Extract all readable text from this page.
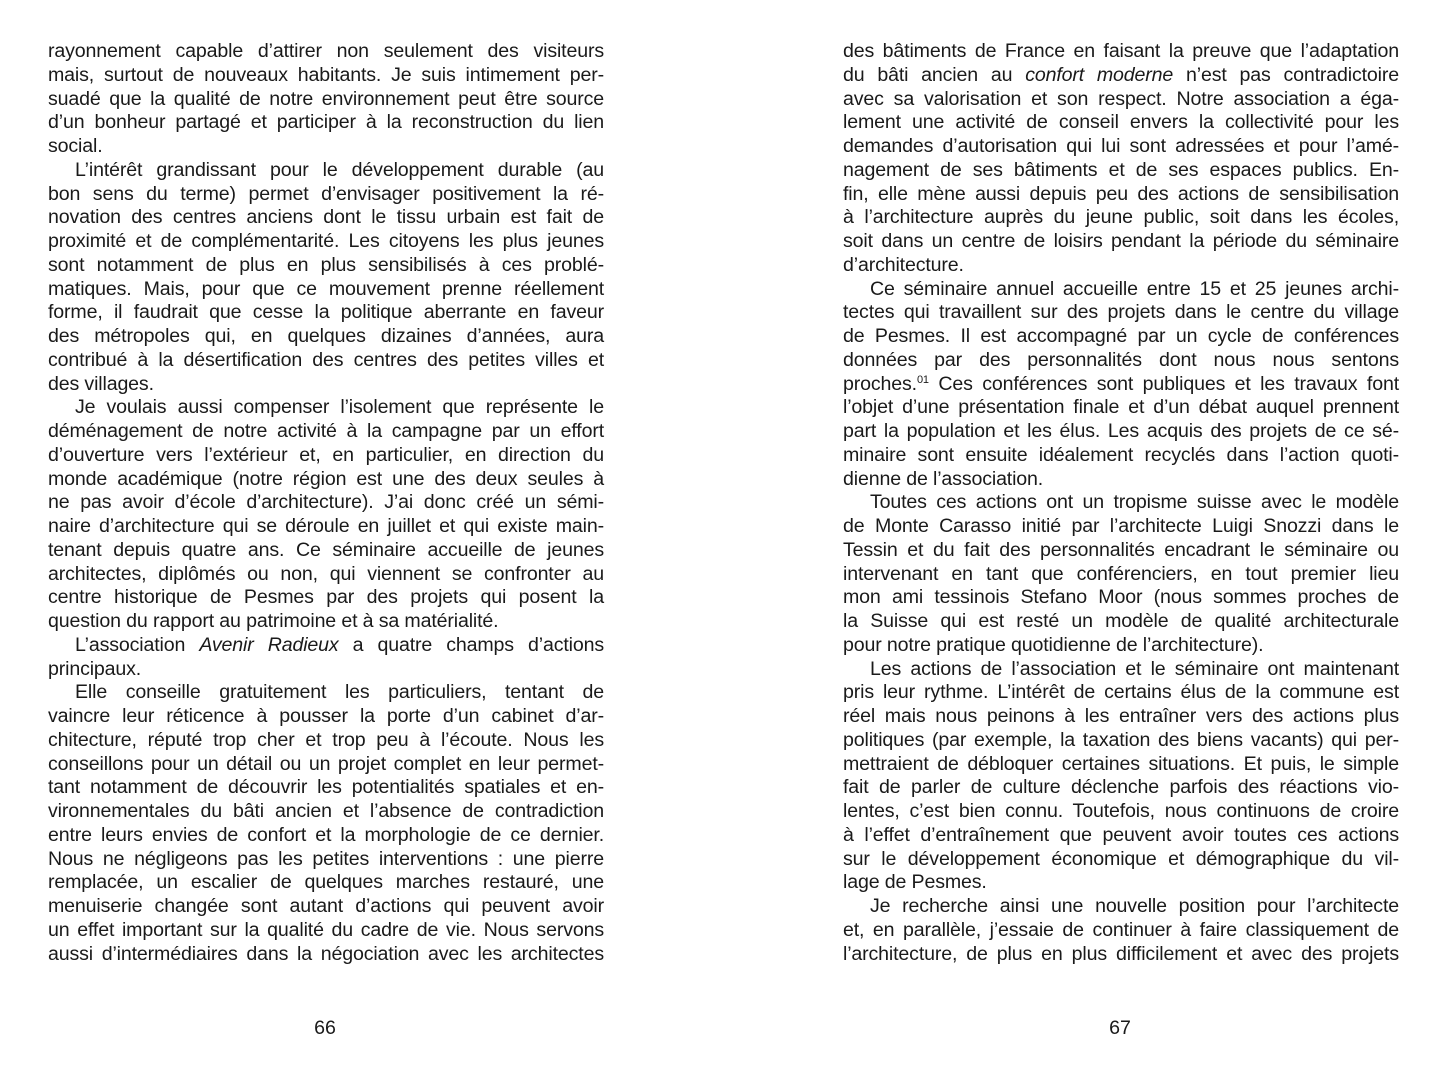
rayonnement capable d’attirer non seulement des visiteurs
mais, surtout de nouveaux habitants. Je suis intimement per-
suadé que la qualité de notre environnement peut être source
d’un bonheur partagé et participer à la reconstruction du lien
social.
L’intérêt grandissant pour le développement durable (au
bon sens du terme) permet d’envisager positivement la ré-
novation des centres anciens dont le tissu urbain est fait de
proximité et de complémentarité. Les citoyens les plus jeunes
sont notamment de plus en plus sensibilisés à ces problé-
matiques. Mais, pour que ce mouvement prenne réellement
forme, il faudrait que cesse la politique aberrante en faveur
des métropoles qui, en quelques dizaines d’années, aura
contribué à la désertification des centres des petites villes et
des villages.
Je voulais aussi compenser l’isolement que représente le
déménagement de notre activité à la campagne par un effort
d’ouverture vers l’extérieur et, en particulier, en direction du
monde académique (notre région est une des deux seules à
ne pas avoir d’école d’architecture). J’ai donc créé un sémi-
naire d’architecture qui se déroule en juillet et qui existe main-
tenant depuis quatre ans. Ce séminaire accueille de jeunes
architectes, diplômés ou non, qui viennent se confronter au
centre historique de Pesmes par des projets qui posent la
question du rapport au patrimoine et à sa matérialité.
L’association Avenir Radieux a quatre champs d’actions
principaux.
Elle conseille gratuitement les particuliers, tentant de
vaincre leur réticence à pousser la porte d’un cabinet d’ar-
chitecture, réputé trop cher et trop peu à l’écoute. Nous les
conseillons pour un détail ou un projet complet en leur permet-
tant notamment de découvrir les potentialités spatiales et en-
vironnementales du bâti ancien et l’absence de contradiction
entre leurs envies de confort et la morphologie de ce dernier.
Nous ne négligeons pas les petites interventions : une pierre
remplacée, un escalier de quelques marches restauré, une
menuiserie changée sont autant d’actions qui peuvent avoir
un effet important sur la qualité du cadre de vie. Nous servons
aussi d’intermédiaires dans la négociation avec les architectes
des bâtiments de France en faisant la preuve que l’adaptation
du bâti ancien au confort moderne n’est pas contradictoire
avec sa valorisation et son respect. Notre association a éga-
lement une activité de conseil envers la collectivité pour les
demandes d’autorisation qui lui sont adressées et pour l’amé-
nagement de ses bâtiments et de ses espaces publics. En-
fin, elle mène aussi depuis peu des actions de sensibilisation
à l’architecture auprès du jeune public, soit dans les écoles,
soit dans un centre de loisirs pendant la période du séminaire
d’architecture.
Ce séminaire annuel accueille entre 15 et 25 jeunes archi-
tectes qui travaillent sur des projets dans le centre du village
de Pesmes. Il est accompagné par un cycle de conférences
données par des personnalités dont nous nous sentons
proches.$^{01}$ Ces conférences sont publiques et les travaux font
l’objet d’une présentation finale et d’un débat auquel prennent
part la population et les élus. Les acquis des projets de ce sé-
minaire sont ensuite idéalement recyclés dans l’action quoti-
dienne de l’association.
Toutes ces actions ont un tropisme suisse avec le modèle
de Monte Carasso initié par l’architecte Luigi Snozzi dans le
Tessin et du fait des personnalités encadrant le séminaire ou
intervenant en tant que conférenciers, en tout premier lieu
mon ami tessinois Stefano Moor (nous sommes proches de
la Suisse qui est resté un modèle de qualité architecturale
pour notre pratique quotidienne de l’architecture).
Les actions de l’association et le séminaire ont maintenant
pris leur rythme. L’intérêt de certains élus de la commune est
réel mais nous peinons à les entraîner vers des actions plus
politiques (par exemple, la taxation des biens vacants) qui per-
mettraient de débloquer certaines situations. Et puis, le simple
fait de parler de culture déclenche parfois des réactions vio-
lentes, c’est bien connu. Toutefois, nous continuons de croire
à l’effet d’entraînement que peuvent avoir toutes ces actions
sur le développement économique et démographique du vil-
lage de Pesmes.
Je recherche ainsi une nouvelle position pour l’architecte
et, en parallèle, j’essaie de continuer à faire classiquement de
l’architecture, de plus en plus difficilement et avec des projets
66	67
